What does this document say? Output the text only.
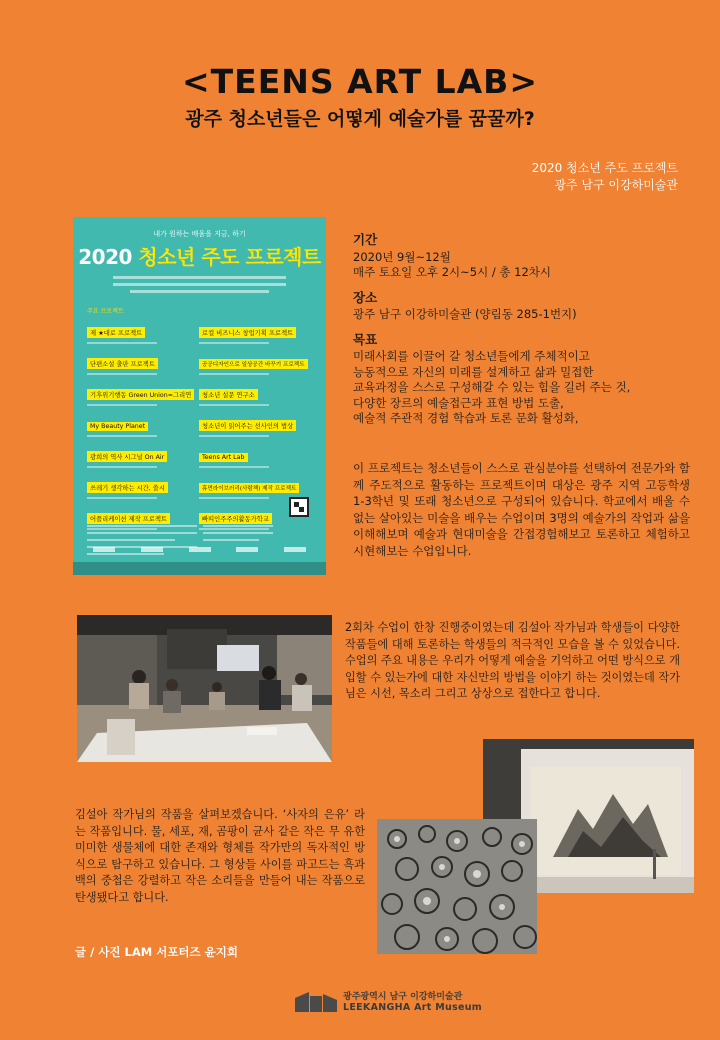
<TEENS ART LAB>
광주 청소년들은 어떻게 예술가를 꿈꿀까?
2020 청소년 주도 프로젝트
광주 남구 이강하미술관
내가 원하는 배움을 지금, 하기
2020 청소년 주도 프로젝트
주요 프로젝트
제 ★대로 프로젝트
단편소설 출판 프로젝트
기후위기행동 Green Union=그리연
My Beauty Planet
광희의 역사 시그널 On Air
쓰레기 생각하는 시간, 쓸시
어플리케이션 제작 프로젝트
로컬 비즈니스 창업기획 프로젝트
공공디자인으로 일상공간 바꾸기 프로젝트
청소년 설문 연구소
청소년이 읽어주는 선사인의 법상
Teens Art Lab
휴먼라이브러리(사람책) 제작 프로젝트
빠띠인주주의활동가학교
기간
2020년 9월~12월
매주 토요일 오후 2시~5시 / 총 12차시
장소
광주 남구 이강하미술관 (양림동 285-1번지)
목표
미래사회를 이끌어 갈 청소년들에게 주체적이고
능동적으로 자신의 미래를 설계하고 삶과 밀접한
교육과정을 스스로 구성해갈 수 있는 힘을 길러 주는 것,
다양한 장르의 예술접근과 표현 방법 도출,
예술적 주관적 경험 학습과 토론 문화 활성화,
이 프로젝트는 청소년들이 스스로 관심분야를 선택하여 전문가와 함께 주도적으로 활동하는 프로젝트이며 대상은 광주 지역 고등학생 1-3학년 및 또래 청소년으로 구성되어 있습니다. 학교에서 배울 수 없는 살아있는 미술을 배우는 수업이며 3명의 예술가의 작업과 삶을 이해해보며 예술과 현대미술을 간접경험해보고 토론하고 체험하고 시현해보는 수업입니다.
2회차 수업이 한창 진행중이였는데 김설아 작가님과 학생들이 다양한 작품들에 대해 토론하는 학생들의 적극적인 모습을 볼 수 있었습니다. 수업의 주요 내용은 우리가 어떻게 예술을 기억하고 어떤 방식으로 개입할 수 있는가에 대한 자신만의 방법을 이야기 하는 것이였는데 작가님은 시선, 목소리 그리고 상상으로 접한다고 합니다.
김설아 작가님의 작품을 살펴보겠습니다. ‘사자의 은유’ 라는 작품입니다. 물, 세포, 재, 곰팡이 균사 같은 작은 무 유한 미미한 생물체에 대한 존재와 형체를 작가만의 독자적인 방식으로 탐구하고 있습니다. 그 형상들 사이를 파고드는 흑과 백의 중첩은 강렬하고 작은 소리들을 만들어 내는 작품으로 탄생됐다고 합니다.
글 / 사진 LAM 서포터즈 윤지희
광주광역시 남구 이강하미술관
LEEKANGHA Art Museum
